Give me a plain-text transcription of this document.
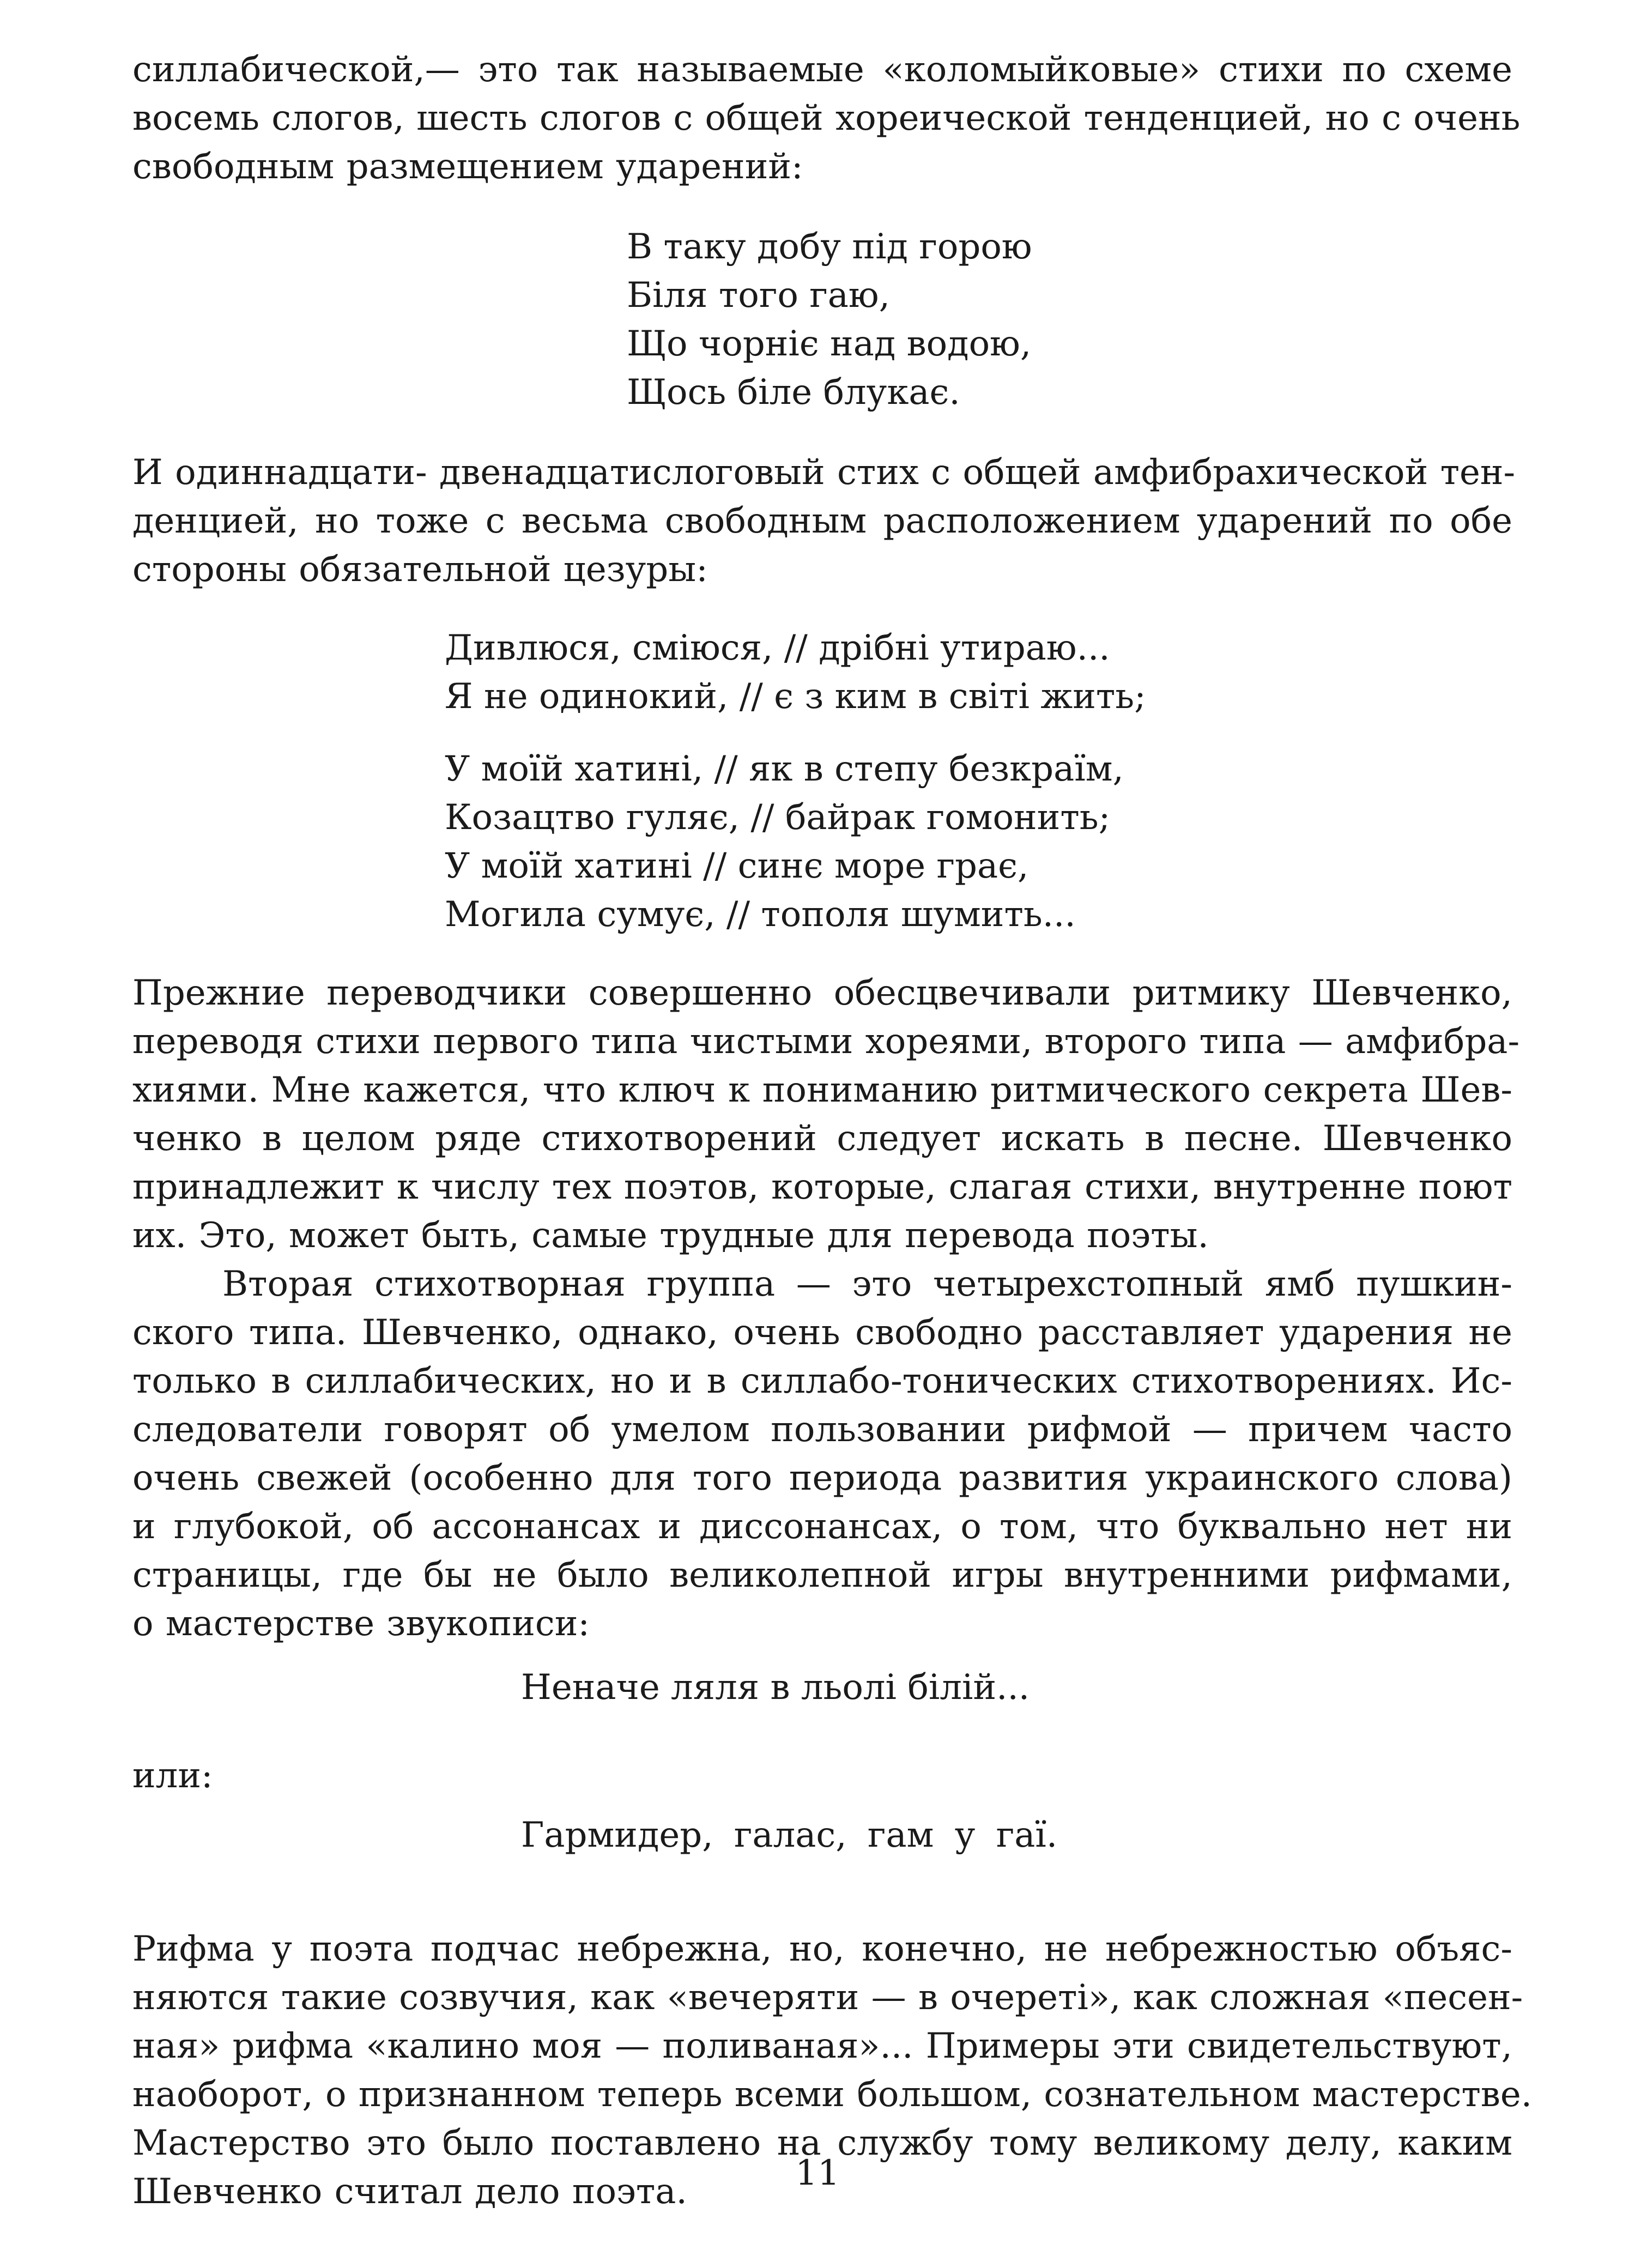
силлабической,— это так называемые «коломыйковые» стихи по схеме
восемь слогов, шесть слогов с общей хореической тенденцией, но с очень
свободным размещением ударений:

В таку добу під горою
Біля того гаю,
Що чорніє над водою,
Щось біле блукає.

И одиннадцати- двенадцатислоговый стих с общей амфибрахической тен-
денцией, но тоже с весьма свободным расположением ударений по обе
стороны обязательной цезуры:

Дивлюся, сміюся, // дрібні утираю...
Я не одинокий, // є з ким в світі жить;
У моїй хатині, // як в степу безкраїм,
Козацтво гуляє, // байрак гомонить;
У моїй хатині // синє море грає,
Могила сумує, // тополя шумить...

Прежние переводчики совершенно обесцвечивали ритмику Шевченко,
переводя стихи первого типа чистыми хореями, второго типа — амфибра-
хиями. Мне кажется, что ключ к пониманию ритмического секрета Шев-
ченко в целом ряде стихотворений следует искать в песне. Шевченко
принадлежит к числу тех поэтов, которые, слагая стихи, внутренне поют
их. Это, может быть, самые трудные для перевода поэты.

Вторая стихотворная группа — это четырехстопный ямб пушкин-
ского типа. Шевченко, однако, очень свободно расставляет ударения не
только в силлабических, но и в силлабо-тонических стихотворениях. Ис-
следователи говорят об умелом пользовании рифмой — причем часто
очень свежей (особенно для того периода развития украинского слова)
и глубокой, об ассонансах и диссонансах, о том, что буквально нет ни
страницы, где бы не было великолепной игры внутренними рифмами,
о мастерстве звукописи:

Неначе ляля в льолі білій...
или:
Гармидер, галас, гам у гаї.

Рифма у поэта подчас небрежна, но, конечно, не небрежностью объяс-
няются такие созвучия, как «вечеряти — в очереті», как сложная «песен-
ная» рифма «калино моя — поливаная»... Примеры эти свидетельствуют,
наоборот, о признанном теперь всеми большом, сознательном мастерстве.
Мастерство это было поставлено на службу тому великому делу, каким
Шевченко считал дело поэта.	11
